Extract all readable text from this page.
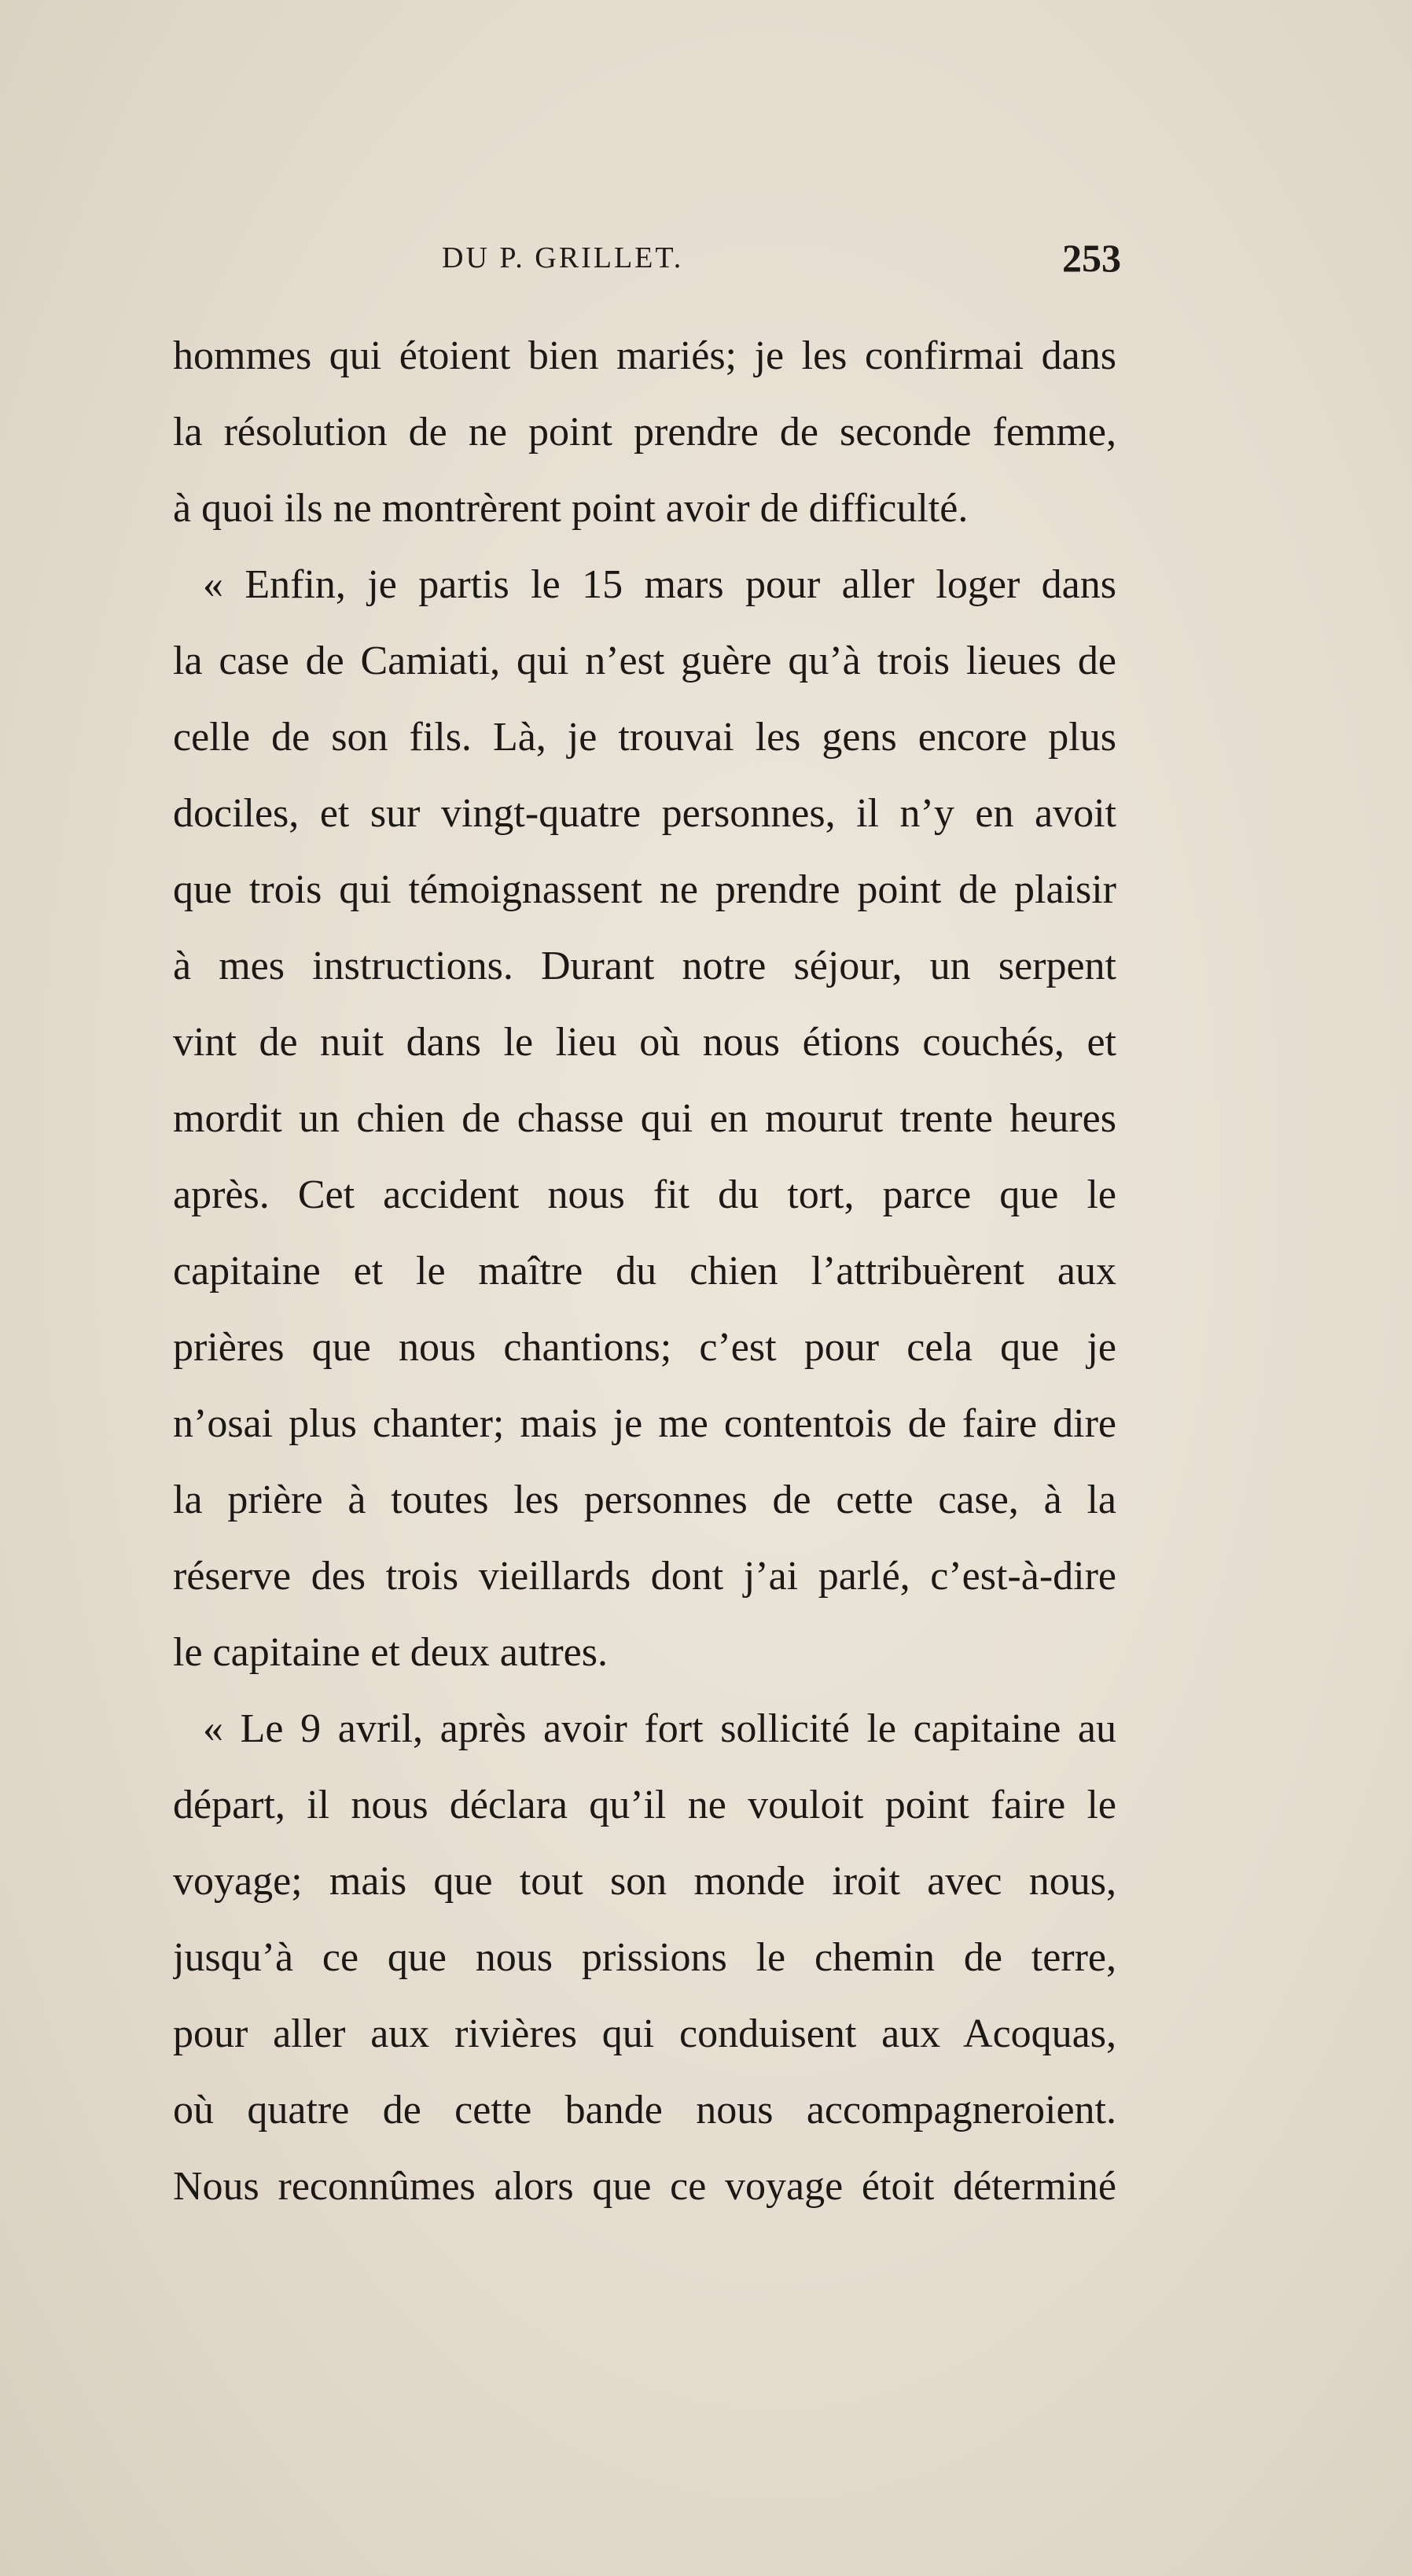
DU P. GRILLET.	253
hommes qui étoient bien mariés; je les confirmai dans
la résolution de ne point prendre de seconde femme,
à quoi ils ne montrèrent point avoir de difficulté.
« Enfin, je partis le 15 mars pour aller loger dans
la case de Camiati, qui n’est guère qu’à trois lieues de
celle de son fils. Là, je trouvai les gens encore plus
dociles, et sur vingt-quatre personnes, il n’y en avoit
que trois qui témoignassent ne prendre point de plaisir
à mes instructions. Durant notre séjour, un serpent
vint de nuit dans le lieu où nous étions couchés, et
mordit un chien de chasse qui en mourut trente heures
après. Cet accident nous fit du tort, parce que le
capitaine et le maître du chien l’attribuèrent aux
prières que nous chantions; c’est pour cela que je
n’osai plus chanter; mais je me contentois de faire dire
la prière à toutes les personnes de cette case, à la
réserve des trois vieillards dont j’ai parlé, c’est-à-dire
le capitaine et deux autres.
« Le 9 avril, après avoir fort sollicité le capitaine au
départ, il nous déclara qu’il ne vouloit point faire le
voyage; mais que tout son monde iroit avec nous,
jusqu’à ce que nous prissions le chemin de terre,
pour aller aux rivières qui conduisent aux Acoquas,
où quatre de cette bande nous accompagneroient.
Nous reconnûmes alors que ce voyage étoit déterminé
